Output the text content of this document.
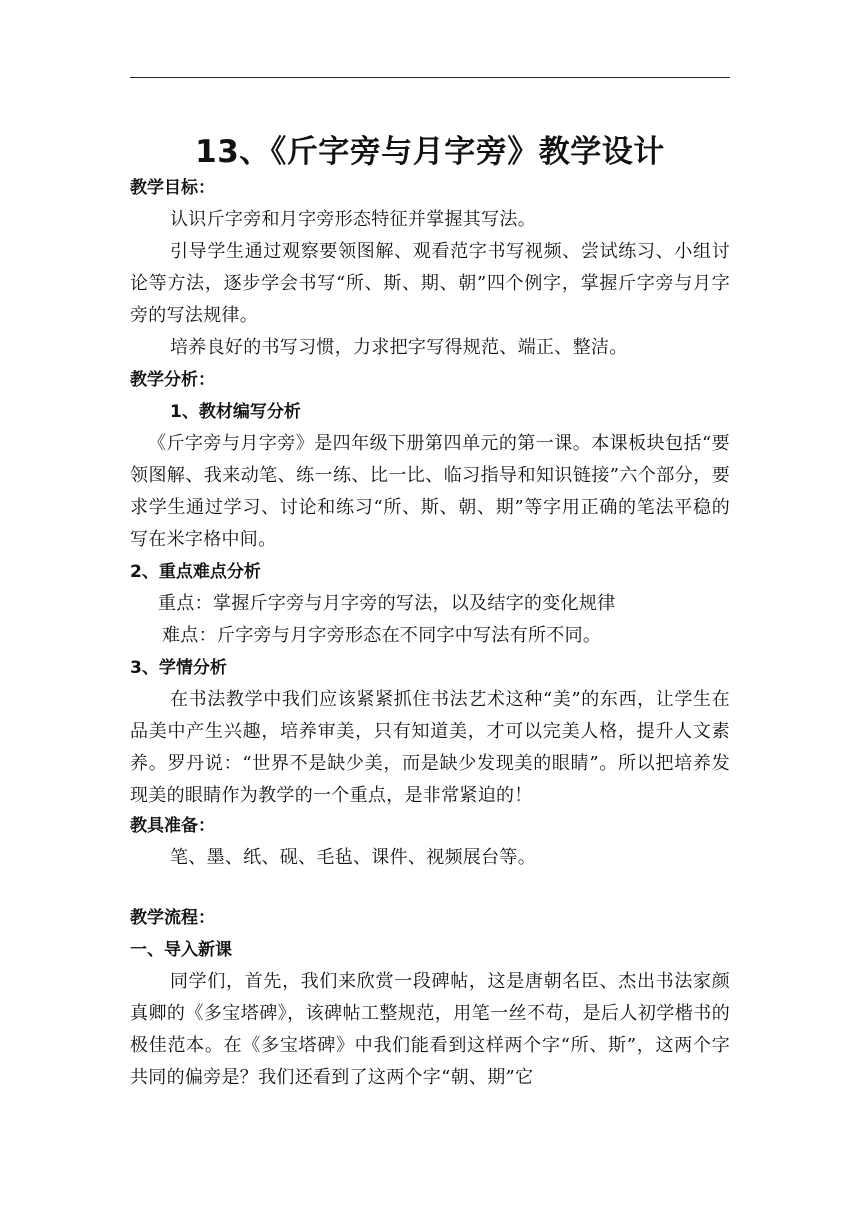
13、《斤字旁与月字旁》教学设计
教学目标：
认识斤字旁和月字旁形态特征并掌握其写法。
引导学生通过观察要领图解、观看范字书写视频、尝试练习、小组讨论等方法，逐步学会书写“所、斯、期、朝”四个例字，掌握斤字旁与月字旁的写法规律。
培养良好的书写习惯，力求把字写得规范、端正、整洁。
教学分析：
1、教材编写分析
《斤字旁与月字旁》是四年级下册第四单元的第一课。本课板块包括“要领图解、我来动笔、练一练、比一比、临习指导和知识链接”六个部分，要求学生通过学习、讨论和练习“所、斯、朝、期”等字用正确的笔法平稳的写在米字格中间。
2、重点难点分析
重点：掌握斤字旁与月字旁的写法，以及结字的变化规律
难点：斤字旁与月字旁形态在不同字中写法有所不同。
3、学情分析
在书法教学中我们应该紧紧抓住书法艺术这种“美”的东西，让学生在品美中产生兴趣，培养审美，只有知道美，才可以完美人格，提升人文素养。罗丹说：“世界不是缺少美，而是缺少发现美的眼睛”。所以把培养发现美的眼睛作为教学的一个重点，是非常紧迫的！
教具准备：
笔、墨、纸、砚、毛毡、课件、视频展台等。
教学流程：
一、导入新课
同学们，首先，我们来欣赏一段碑帖，这是唐朝名臣、杰出书法家颜真卿的《多宝塔碑》，该碑帖工整规范，用笔一丝不苟，是后人初学楷书的极佳范本。在《多宝塔碑》中我们能看到这样两个字“所、斯”，这两个字共同的偏旁是？我们还看到了这两个字“朝、期”它
